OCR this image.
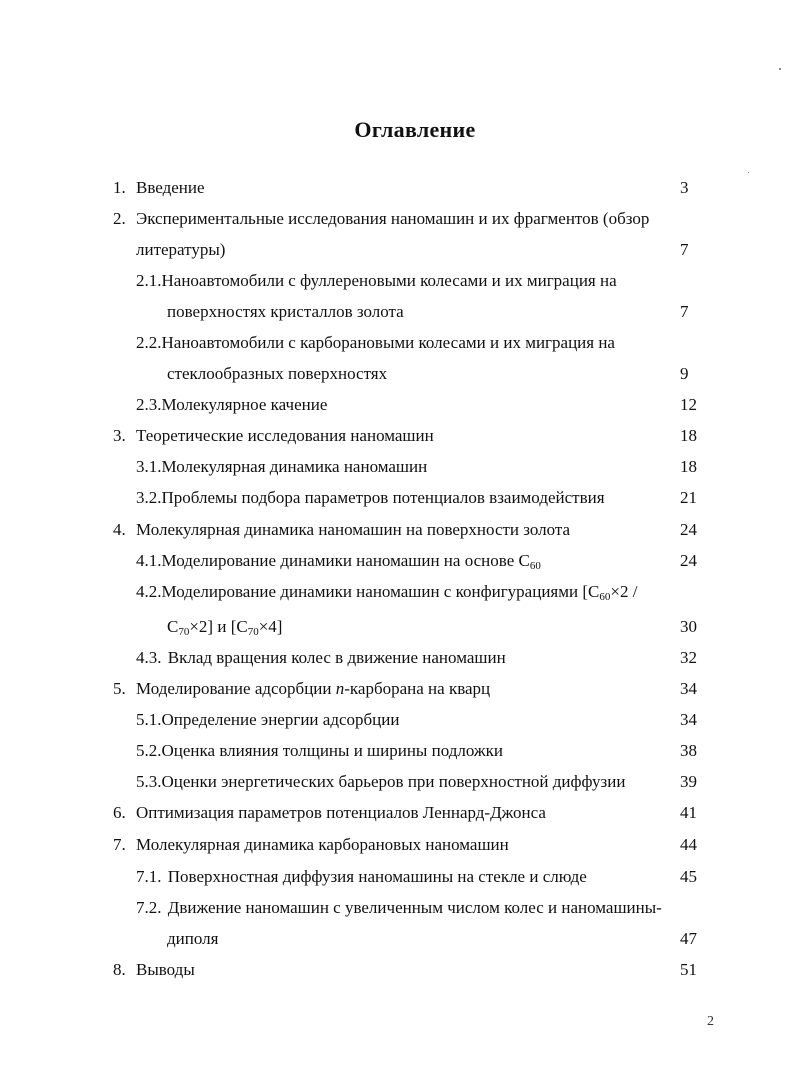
Оглавление
1. Введение	3
2. Экспериментальные исследования наномашин и их фрагментов (обзор
литературы)	7
2.1.Наноавтомобили с фуллереновыми колесами и их миграция на
поверхностях кристаллов золота	7
2.2.Наноавтомобили с карборановыми колесами и их миграция на
стеклообразных поверхностях	9
2.3.Молекулярное качение	12
3. Теоретические исследования наномашин	18
3.1.Молекулярная динамика наномашин	18
3.2.Проблемы подбора параметров потенциалов взаимодействия	21
4. Молекулярная динамика наномашин на поверхности золота	24
4.1.Моделирование динамики наномашин на основе $C_{60}$	24
4.2.Моделирование динамики наномашин с конфигурациями [$C_{60}\times 2$ /
$C_{70}\times 2$] и $[C_{70}\times 4]$	30
4.3. Вклад вращения колес в движение наномашин	32
5. Моделирование адсорбции n-карборана на кварц	34
5.1.Определение энергии адсорбции	34
5.2.Оценка влияния толщины и ширины подложки	38
5.3.Оценки энергетических барьеров при поверхностной диффузии	39
6. Оптимизация параметров потенциалов Леннард-Джонса	41
7. Молекулярная динамика карборановых наномашин	44
7.1. Поверхностная диффузия наномашины на стекле и слюде	45
7.2. Движение наномашин с увеличенным числом колес и наномашины-
диполя	47
8. Выводы	51
2
